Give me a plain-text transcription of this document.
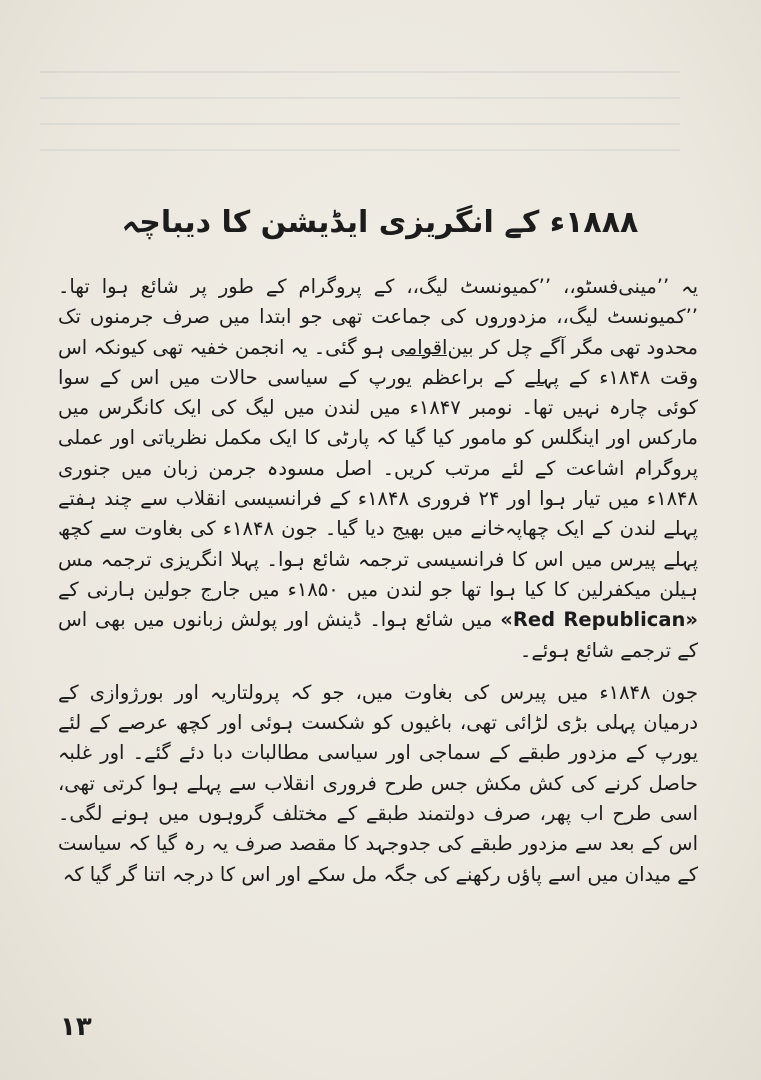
۱۸۸۸ء کے انگریزی ایڈیشن کا دیباچہ

یہ ’’مینی‌فسٹو،، ’’کمیونسٹ لیگ،، کے پروگرام کے طور پر شائع ہوا تھا۔ ’’کمیونسٹ لیگ،، مزدوروں کی جماعت تھی جو ابتدا میں صرف جرمنوں تک محدود تھی مگر آگے چل کر بین‌اقوامی ہو گئی۔ یہ انجمن خفیہ تھی کیونکہ اس وقت ۱۸۴۸ء کے پہلے کے براعظم یورپ کے سیاسی حالات میں اس کے سوا کوئی چارہ نہیں تھا۔ نومبر ۱۸۴۷ء میں لندن میں لیگ کی ایک کانگرس میں مارکس اور اینگلس کو مامور کیا گیا کہ پارٹی کا ایک مکمل نظریاتی اور عملی پروگرام اشاعت کے لئے مرتب کریں۔ اصل مسودہ جرمن زبان میں جنوری ۱۸۴۸ء میں تیار ہوا اور ۲۴ فروری ۱۸۴۸ء کے فرانسیسی انقلاب سے چند ہفتے پہلے لندن کے ایک چھاپہ‌خانے میں بھیج دیا گیا۔ جون ۱۸۴۸ء کی بغاوت سے کچھ پہلے پیرس میں اس کا فرانسیسی ترجمہ شائع ہوا۔ پہلا انگریزی ترجمہ مس ہیلن میکفرلین کا کیا ہوا تھا جو لندن میں ۱۸۵۰ء میں جارج جولین ہارنی کے «Red Republican» میں شائع ہوا۔ ڈینش اور پولش زبانوں میں بھی اس کے ترجمے شائع ہوئے۔

جون ۱۸۴۸ء میں پیرس کی بغاوت میں، جو کہ پرولتاریہ اور بورژوازی کے درمیان پہلی بڑی لڑائی تھی، باغیوں کو شکست ہوئی اور کچھ عرصے کے لئے یورپ کے مزدور طبقے کے سماجی اور سیاسی مطالبات دبا دئے گئے۔ اور غلبہ حاصل کرنے کی کش مکش جس طرح فروری انقلاب سے پہلے ہوا کرتی تھی، اسی طرح اب پھر، صرف دولتمند طبقے کے مختلف گروہوں میں ہونے لگی۔ اس کے بعد سے مزدور طبقے کی جدوجہد کا مقصد صرف یہ رہ گیا کہ سیاست کے میدان میں اسے پاؤں رکھنے کی جگہ مل سکے اور اس کا درجہ اتنا گر گیا کہ

۱۳
